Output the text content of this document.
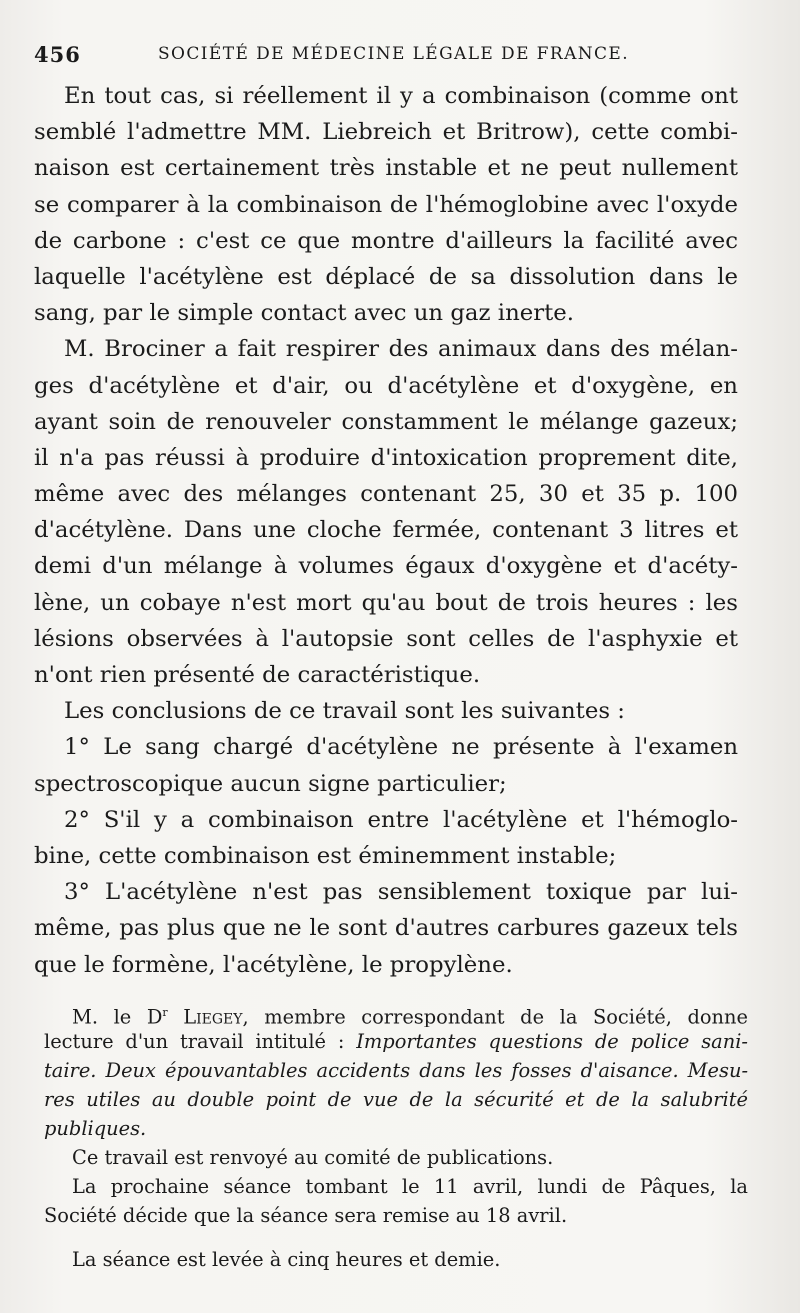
456	SOCIÉTÉ DE MÉDECINE LÉGALE DE FRANCE.
En tout cas, si réellement il y a combinaison (comme ont
semblé l'admettre MM. Liebreich et Britrow), cette combi-
naison est certainement très instable et ne peut nullement
se comparer à la combinaison de l'hémoglobine avec l'oxyde
de carbone : c'est ce que montre d'ailleurs la facilité avec
laquelle l'acétylène est déplacé de sa dissolution dans le
sang, par le simple contact avec un gaz inerte.
M. Brociner a fait respirer des animaux dans des mélan-
ges d'acétylène et d'air, ou d'acétylène et d'oxygène, en
ayant soin de renouveler constamment le mélange gazeux;
il n'a pas réussi à produire d'intoxication proprement dite,
même avec des mélanges contenant 25, 30 et 35 p. 100
d'acétylène. Dans une cloche fermée, contenant 3 litres et
demi d'un mélange à volumes égaux d'oxygène et d'acéty-
lène, un cobaye n'est mort qu'au bout de trois heures : les
lésions observées à l'autopsie sont celles de l'asphyxie et
n'ont rien présenté de caractéristique.
Les conclusions de ce travail sont les suivantes :
1° Le sang chargé d'acétylène ne présente à l'examen
spectroscopique aucun signe particulier;
2° S'il y a combinaison entre l'acétylène et l'hémoglo-
bine, cette combinaison est éminemment instable;
3° L'acétylène n'est pas sensiblement toxique par lui-
même, pas plus que ne le sont d'autres carbures gazeux tels
que le formène, l'acétylène, le propylène.
M. le $D^r$ Liegey, membre correspondant de la Société, donne
lecture d'un travail intitulé : Importantes questions de police sani-
taire. Deux épouvantables accidents dans les fosses d'aisance. Mesu-
res utiles au double point de vue de la sécurité et de la salubrité
publiques.
Ce travail est renvoyé au comité de publications.
La prochaine séance tombant le 11 avril, lundi de Pâques, la
Société décide que la séance sera remise au 18 avril.
La séance est levée à cinq heures et demie.
